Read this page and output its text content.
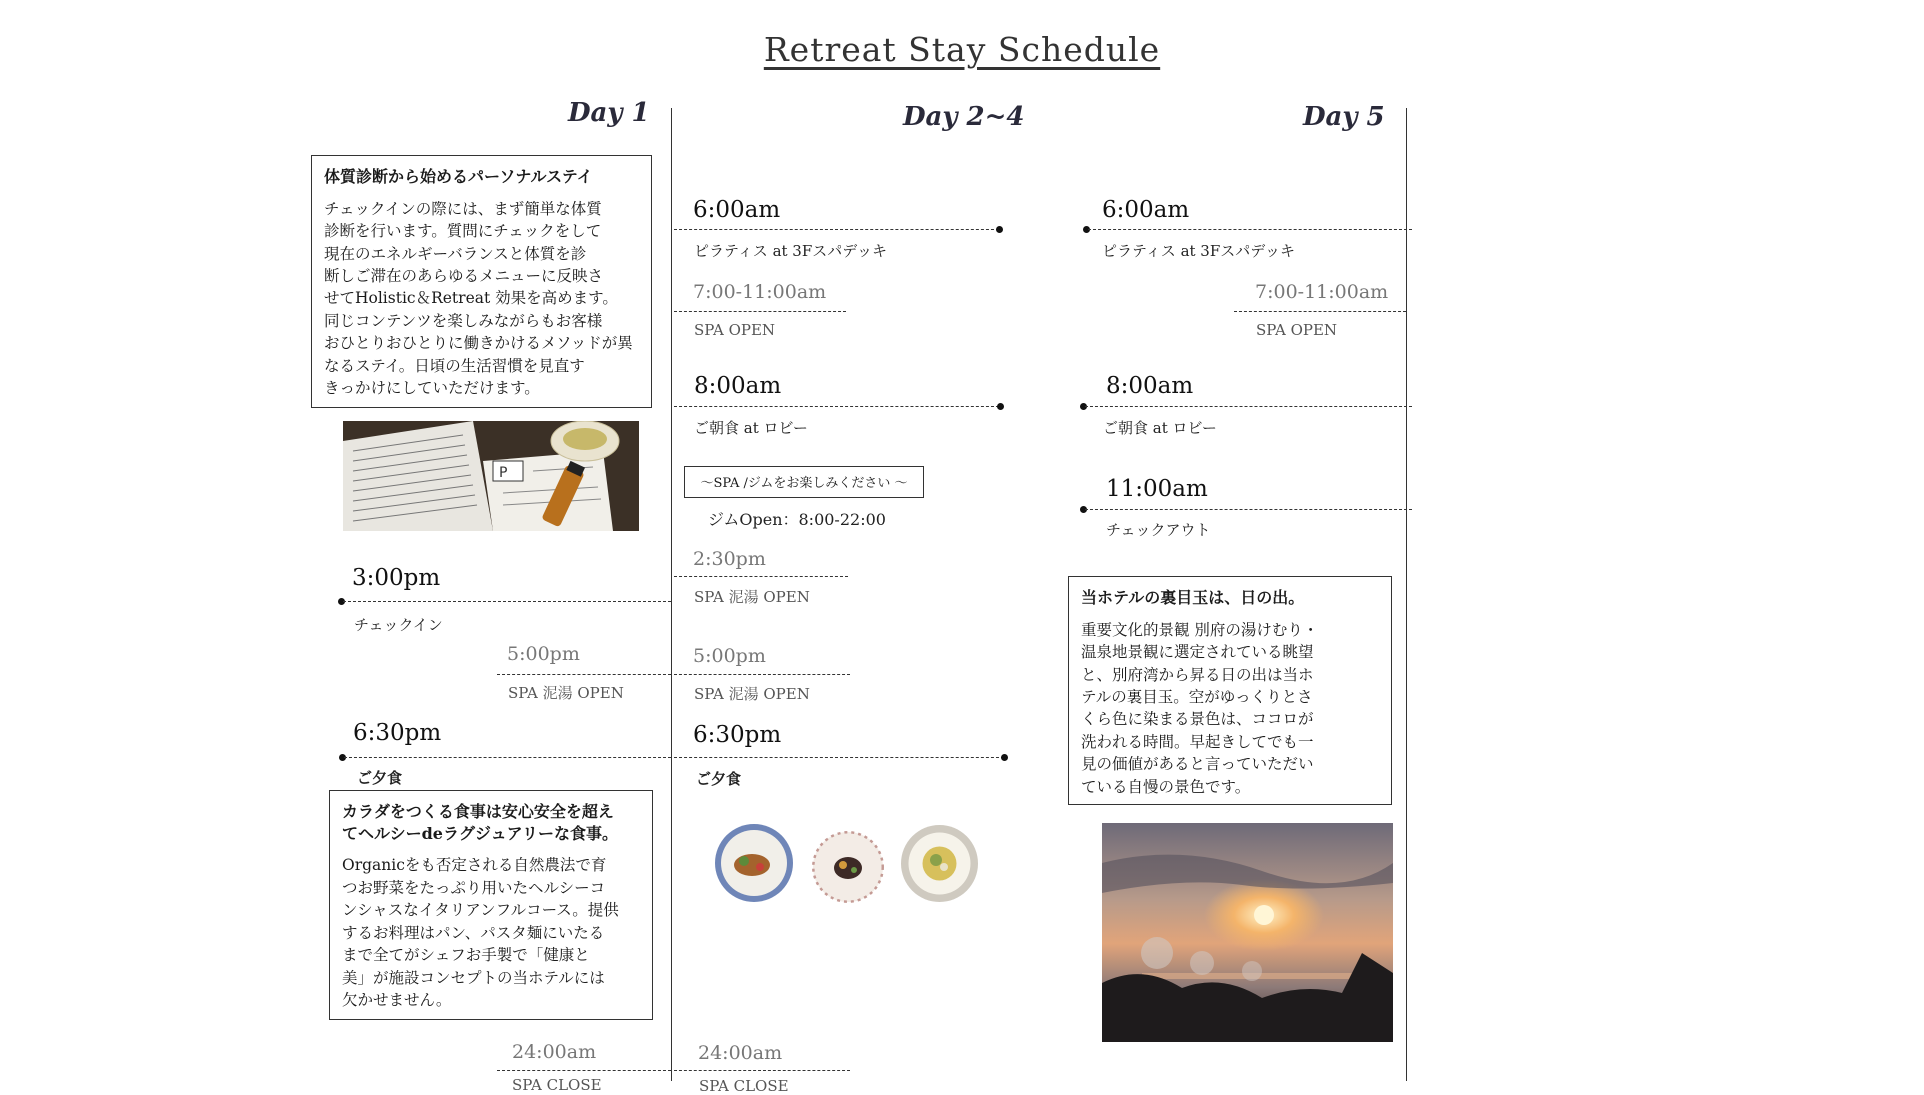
Retreat Stay Schedule
Day 1	Day 2~4	Day 5
体質診断から始めるパーソナルステイ
チェックインの際には、まず簡単な体質
診断を行います。質問にチェックをして
現在のエネルギーバランスと体質を診
断しご滞在のあらゆるメニューに反映さ
せてHolistic＆Retreat 効果を高めます。
同じコンテンツを楽しみながらもお客様
おひとりおひとりに働きかけるメソッドが異
なるステイ。日頃の生活習慣を見直す
きっかけにしていただけます。
P
3:00pm
チェックイン
5:00pm
SPA 泥湯 OPEN
6:30pm
ご夕食
カラダをつくる食事は安心安全を超え
てヘルシーdeラグジュアリーな食事。
Organicをも否定される自然農法で育
つお野菜をたっぷり用いたヘルシーコ
ンシャスなイタリアンフルコース。提供
するお料理はパン、パスタ麺にいたる
まで全てがシェフお手製で「健康と
美」が施設コンセプトの当ホテルには
欠かせません。
24:00am
SPA CLOSE
6:00am
ピラティス at 3Fスパデッキ
7:00-11:00am
SPA OPEN
8:00am
ご朝食 at ロビー
～SPA /ジムをお楽しみください ～
ジムOpen：8:00-22:00
2:30pm
SPA 泥湯 OPEN
5:00pm
SPA 泥湯 OPEN
6:30pm
ご夕食
24:00am
SPA CLOSE
6:00am
ピラティス at 3Fスパデッキ
7:00-11:00am
SPA OPEN
8:00am
ご朝食 at ロビー
11:00am
チェックアウト
当ホテルの裏目玉は、日の出。
重要文化的景観 別府の湯けむり・
温泉地景観に選定されている眺望
と、別府湾から昇る日の出は当ホ
テルの裏目玉。空がゆっくりとさ
くら色に染まる景色は、ココロが
洗われる時間。早起きしてでも一
見の価値があると言っていただい
ている自慢の景色です。
